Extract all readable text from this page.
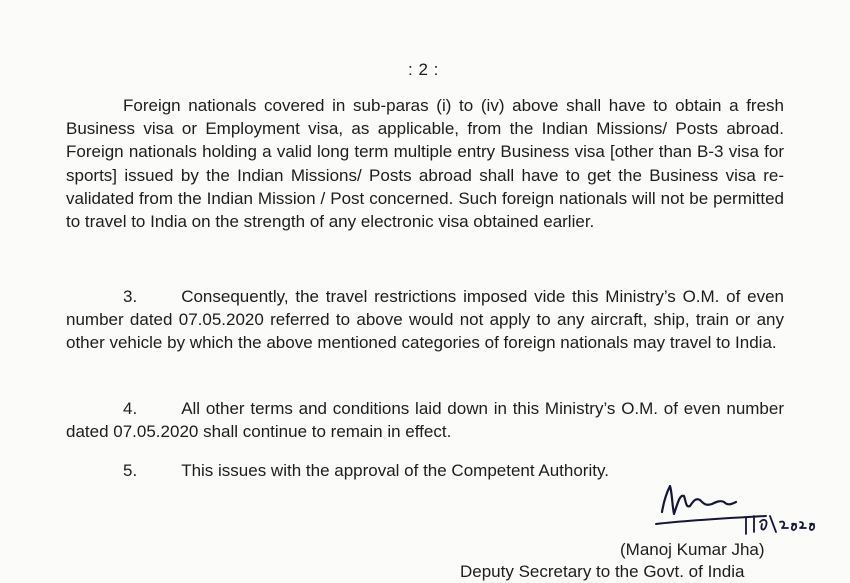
: 2 :

Foreign nationals covered in sub-paras (i) to (iv) above shall have to obtain a fresh Business visa or Employment visa, as applicable, from the Indian Missions/ Posts abroad. Foreign nationals holding a valid long term multiple entry Business visa [other than B-3 visa for sports] issued by the Indian Missions/ Posts abroad shall have to get the Business visa re-validated from the Indian Mission / Post concerned. Such foreign nationals will not be permitted to travel to India on the strength of any electronic visa obtained earlier.

3.	Consequently, the travel restrictions imposed vide this Ministry’s O.M. of even number dated 07.05.2020 referred to above would not apply to any aircraft, ship, train or any other vehicle by which the above mentioned categories of foreign nationals may travel to India.

4.	All other terms and conditions laid down in this Ministry’s O.M. of even number dated 07.05.2020 shall continue to remain in effect.

5.	This issues with the approval of the Competent Authority.

(Manoj Kumar Jha)
Deputy Secretary to the Govt. of India
